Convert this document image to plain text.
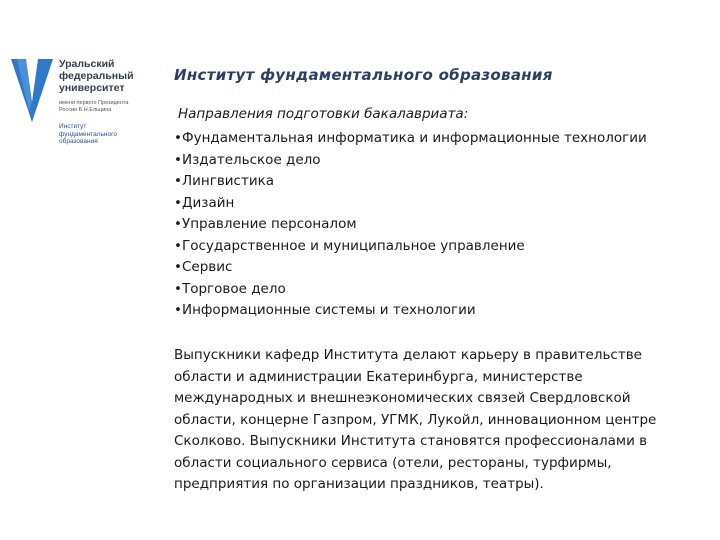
Уральский
федеральный
университет
имени первого Президента
России Б.Н.Ельцина
Институт
фундаментального
образования
Институт фундаментального образования
Направления подготовки бакалавриата:
• Фундаментальная информатика и информационные технологии
• Издательское дело
• Лингвистика
• Дизайн
• Управление персоналом
• Государственное и муниципальное управление
• Сервис
• Торговое дело
• Информационные системы и технологии

Выпускники кафедр Института делают карьеру в правительстве
области и администрации Екатеринбурга, министерстве
международных и внешнеэкономических связей Свердловской
области, концерне Газпром, УГМК, Лукойл, инновационном центре
Сколково. Выпускники Института становятся профессионалами в
области социального сервиса (отели, рестораны, турфирмы,
предприятия по организации праздников, театры).
